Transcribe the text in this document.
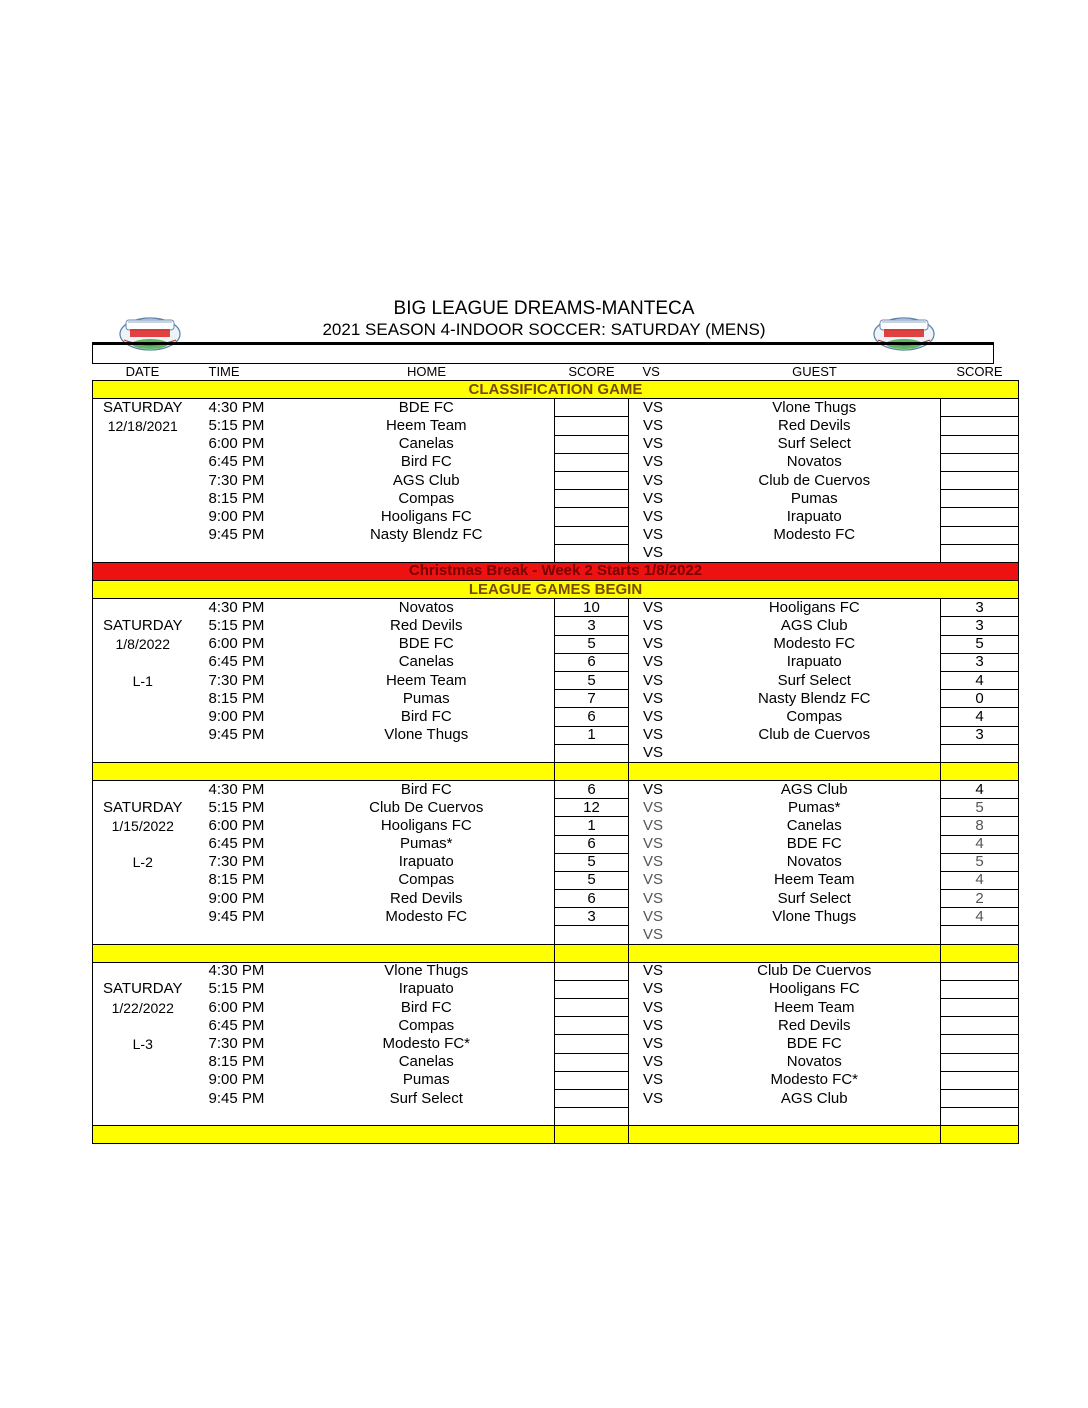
BIG LEAGUE DREAMS-MANTECA
2021 SEASON 4-INDOOR SOCCER: SATURDAY (MENS)
DATE	TIME	HOME	SCORE	VS	GUEST	SCORE
CLASSIFICATION GAME						
SATURDAY	4:30 PM	BDE FC		VS	Vlone Thugs	
12/18/2021	5:15 PM	Heem Team		VS	Red Devils	
	6:00 PM	Canelas		VS	Surf Select	
	6:45 PM	Bird FC		VS	Novatos	
	7:30 PM	AGS Club		VS	Club de Cuervos	
	8:15 PM	Compas		VS	Pumas	
	9:00 PM	Hooligans FC		VS	Irapuato	
	9:45 PM	Nasty Blendz FC		VS	Modesto FC	
				VS		
Christmas Break - Week 2 Starts 1/8/2022						
LEAGUE GAMES BEGIN						
	4:30 PM	Novatos	10	VS	Hooligans FC	3
SATURDAY	5:15 PM	Red Devils	3	VS	AGS Club	3
1/8/2022	6:00 PM	BDE FC	5	VS	Modesto FC	5
	6:45 PM	Canelas	6	VS	Irapuato	3
L-1	7:30 PM	Heem Team	5	VS	Surf Select	4
	8:15 PM	Pumas	7	VS	Nasty Blendz FC	0
	9:00 PM	Bird FC	6	VS	Compas	4
	9:45 PM	Vlone Thugs	1	VS	Club de Cuervos	3
				VS		

	4:30 PM	Bird FC	6	VS	AGS Club	4
SATURDAY	5:15 PM	Club De Cuervos	12	VS	Pumas*	5
1/15/2022	6:00 PM	Hooligans FC	1	VS	Canelas	8
	6:45 PM	Pumas*	6	VS	BDE FC	4
L-2	7:30 PM	Irapuato	5	VS	Novatos	5
	8:15 PM	Compas	5	VS	Heem Team	4
	9:00 PM	Red Devils	6	VS	Surf Select	2
	9:45 PM	Modesto FC	3	VS	Vlone Thugs	4
				VS		

	4:30 PM	Vlone Thugs		VS	Club De Cuervos	
SATURDAY	5:15 PM	Irapuato		VS	Hooligans FC	
1/22/2022	6:00 PM	Bird FC		VS	Heem Team	
	6:45 PM	Compas		VS	Red Devils	
L-3	7:30 PM	Modesto FC*		VS	BDE FC	
	8:15 PM	Canelas		VS	Novatos	
	9:00 PM	Pumas		VS	Modesto FC*	
	9:45 PM	Surf Select		VS	AGS Club	
